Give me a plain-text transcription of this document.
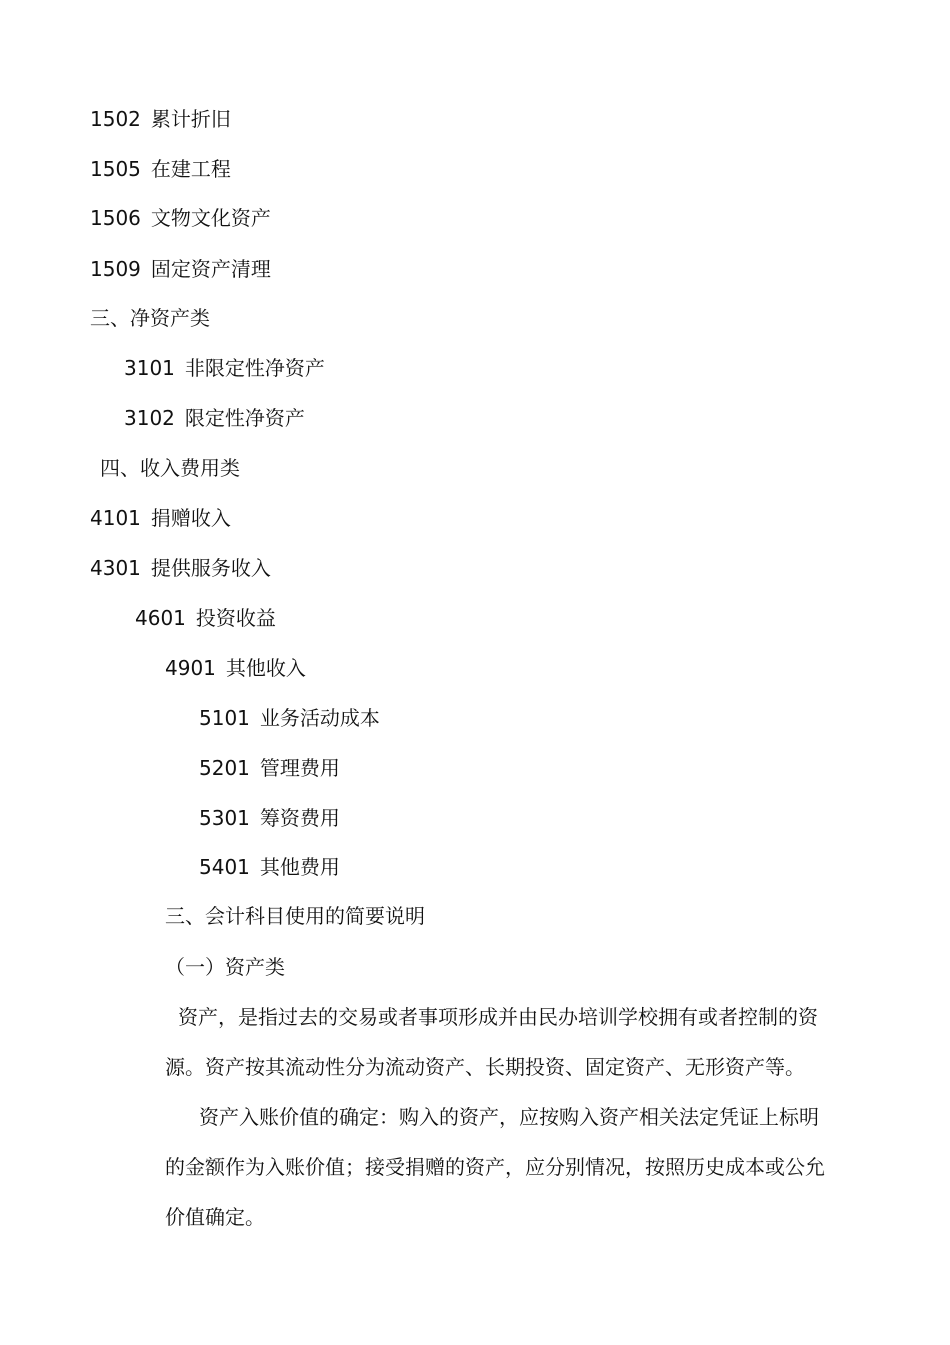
1502 累计折旧
1505 在建工程
1506 文物文化资产
1509 固定资产清理
三、净资产类
3101 非限定性净资产
3102 限定性净资产
四、收入费用类
4101 捐赠收入
4301 提供服务收入
4601 投资收益
4901 其他收入
5101 业务活动成本
5201 管理费用
5301 筹资费用
5401 其他费用
三、会计科目使用的简要说明
（一）资产类
资产，是指过去的交易或者事项形成并由民办培训学校拥有或者控制的资
源。资产按其流动性分为流动资产、长期投资、固定资产、无形资产等。
资产入账价值的确定：购入的资产，应按购入资产相关法定凭证上标明
的金额作为入账价值；接受捐赠的资产，应分别情况，按照历史成本或公允
价值确定。
